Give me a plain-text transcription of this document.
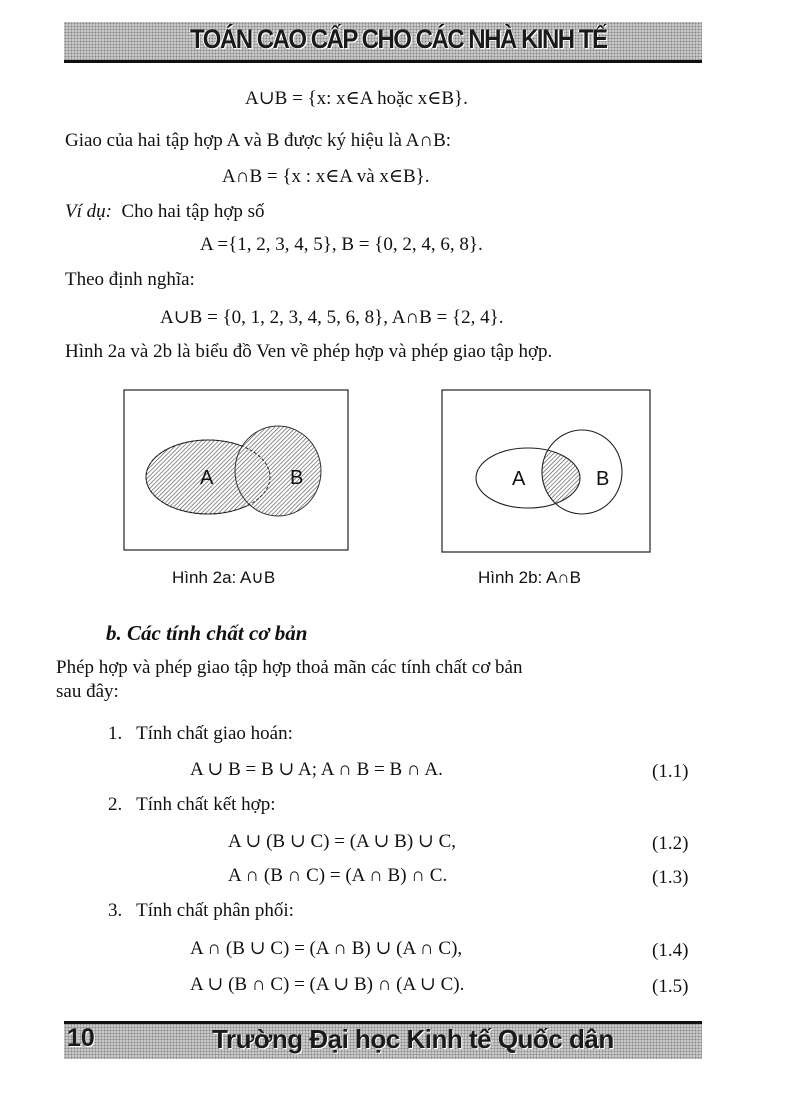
TOÁN CAO CẤP CHO CÁC NHÀ KINH TẾ
A∪B = {x: x∈A hoặc x∈B}.
Giao của hai tập hợp A và B được ký hiệu là A∩B:
A∩B = {x : x∈A và x∈B}.
Ví dụ: Cho hai tập hợp số
A ={1, 2, 3, 4, 5}, B = {0, 2, 4, 6, 8}.
Theo định nghĩa:
A∪B = {0, 1, 2, 3, 4, 5, 6, 8}, A∩B = {2, 4}.
Hình 2a và 2b là biểu đồ Ven về phép hợp và phép giao tập hợp.
A	B	A	B
Hình 2a: A∪B	Hình 2b: A∩B
b. Các tính chất cơ bản
Phép hợp và phép giao tập hợp thoả mãn các tính chất cơ bản
sau đây:
1. Tính chất giao hoán:
A ∪ B = B ∪ A; A ∩ B = B ∩ A.	(1.1)
2. Tính chất kết hợp:
A ∪ (B ∪ C) = (A ∪ B) ∪ C,	(1.2)
A ∩ (B ∩ C) = (A ∩ B) ∩ C.	(1.3)
3. Tính chất phân phối:
A ∩ (B ∪ C) = (A ∩ B) ∪ (A ∩ C),	(1.4)
A ∪ (B ∩ C) = (A ∪ B) ∩ (A ∪ C).	(1.5)
10	Trường Đại học Kinh tế Quốc dân
